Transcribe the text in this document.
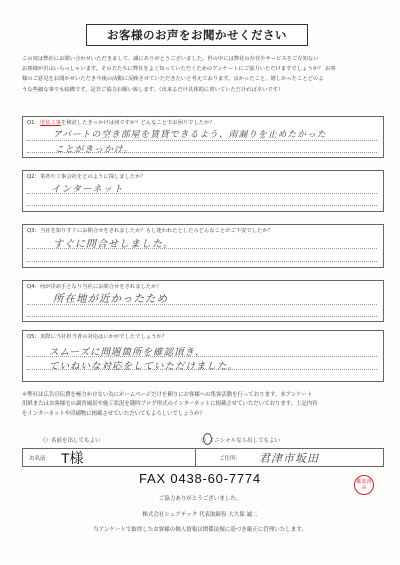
お客様のお声をお聞かせください

この度は弊社にお問い合わせいただきまして、誠にありがとうございました。世の中には弊社の存在やサービスをご存知ない

お客様が沢山いらっしゃいます。その方たちに弊社をよく知っていただくためのアンケートにご協力いただけますでしょうか？ お客

様のご意見をお聞かせいただき今後の活動に反映させていただきたいと考えております。良かったこと、嬉しかったことどのよ

うな些細な事でも結構です。是非ご協力お願い致します。（出来るだけ具体的に書いていただければ幸いです）

Q1：塗装工事を検討したきっかけは何ですか？どんなことでお困りでしたか？
アパートの空き部屋を賃貸できるよう、雨漏りを止めたかった
ことがきっかけ。
Q2：業者や工事会社をどのように探しましたか？
インターネット
Q3：当社を知りすぐにお問合せをされましたか？もし迷われたとしたらどんなことがご不安でしたか？
すぐに問合せしました。
Q4：何が決め手となり当社にお問合せをされましたか？
所在地が近かったため
Q5：実際に当社担当者の対応はいかがでしたでしょうか？
スムーズに問題箇所を確認頂き、
ていねいな対応をしていただけました。

＊弊社は広告宣伝費を極力かけない為にホームページだけを頼りにお客様への集客活動を行っております。本アンケート

用紙またはお客様宅の調査風景や施工状況を随時ブログ形式のインターネットに掲載させていただいております。上記内容

をインターネットや印刷物に掲載させていただいてもよろしいでしょうか？

（）名前を出してもよい	（）イニシャルなら出してもよい
お名前： T様	ご住所： 君津市坂田
確認済み
FAX 0438-60-7774
ご協力ありがとうございました。
株式会社シェアテック 代表取締役 大久保 誠二
当アンケートで取得したお客様の個人情報は関係法規に基づき厳正に管理いたします。
